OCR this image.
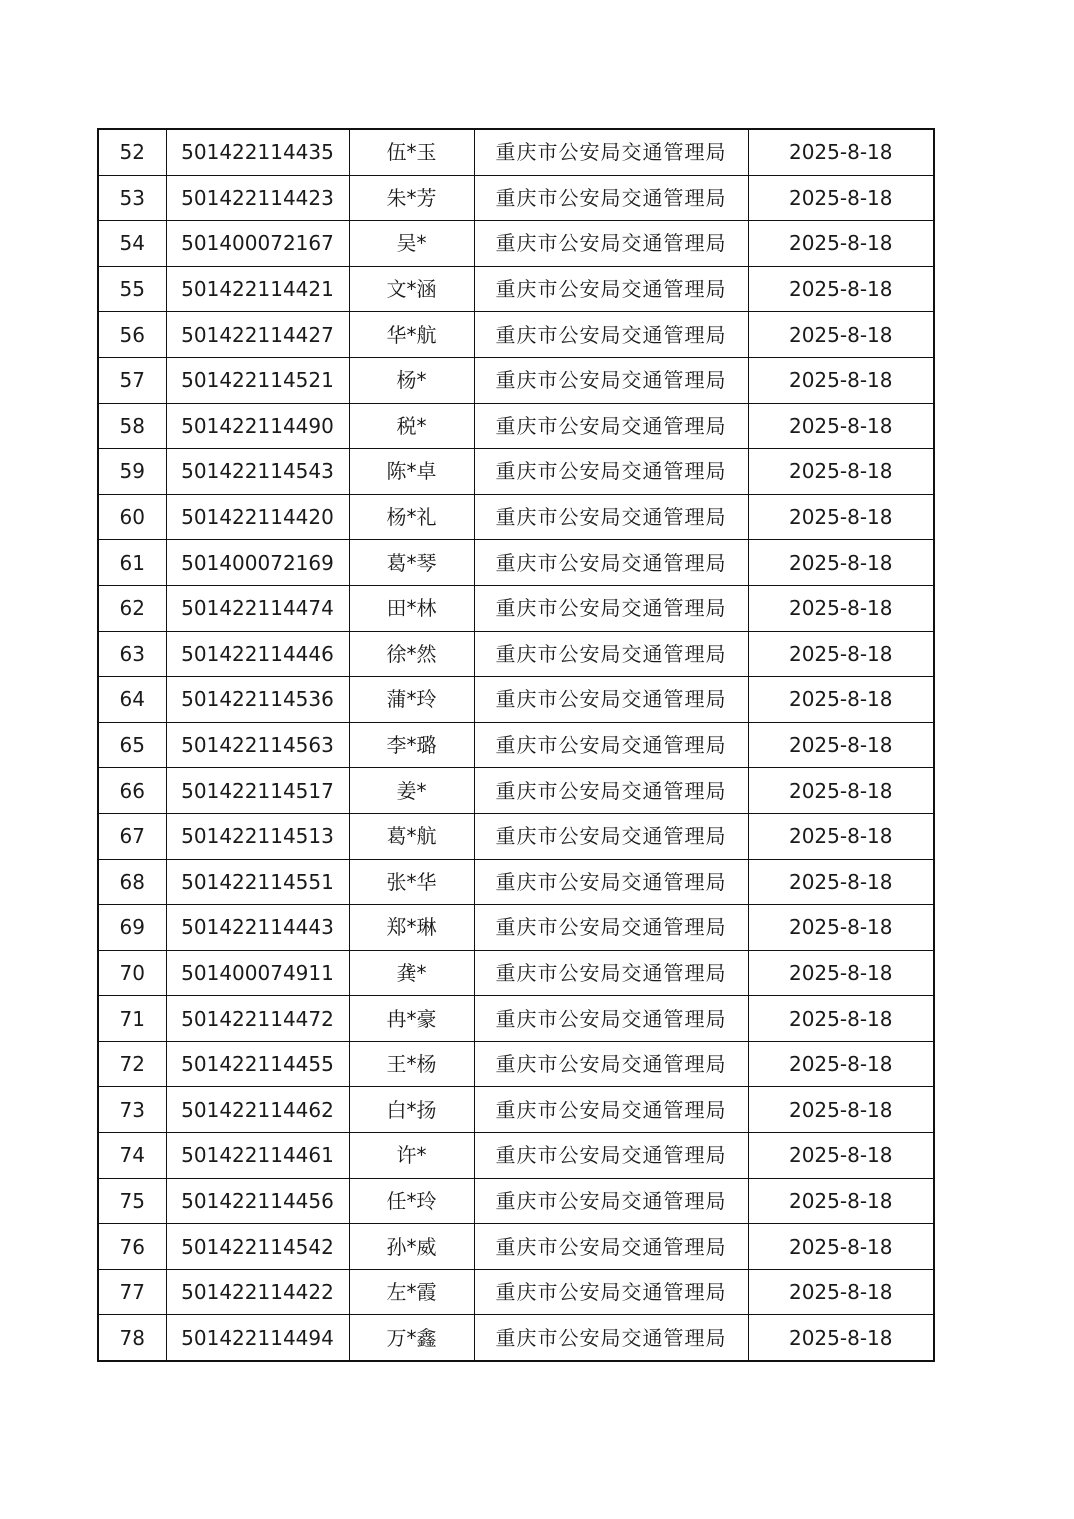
52	501422114435	伍*玉	重庆市公安局交通管理局	2025-8-18
53	501422114423	朱*芳	重庆市公安局交通管理局	2025-8-18
54	501400072167	吴*	重庆市公安局交通管理局	2025-8-18
55	501422114421	文*涵	重庆市公安局交通管理局	2025-8-18
56	501422114427	华*航	重庆市公安局交通管理局	2025-8-18
57	501422114521	杨*	重庆市公安局交通管理局	2025-8-18
58	501422114490	税*	重庆市公安局交通管理局	2025-8-18
59	501422114543	陈*卓	重庆市公安局交通管理局	2025-8-18
60	501422114420	杨*礼	重庆市公安局交通管理局	2025-8-18
61	501400072169	葛*琴	重庆市公安局交通管理局	2025-8-18
62	501422114474	田*林	重庆市公安局交通管理局	2025-8-18
63	501422114446	徐*然	重庆市公安局交通管理局	2025-8-18
64	501422114536	蒲*玲	重庆市公安局交通管理局	2025-8-18
65	501422114563	李*璐	重庆市公安局交通管理局	2025-8-18
66	501422114517	姜*	重庆市公安局交通管理局	2025-8-18
67	501422114513	葛*航	重庆市公安局交通管理局	2025-8-18
68	501422114551	张*华	重庆市公安局交通管理局	2025-8-18
69	501422114443	郑*琳	重庆市公安局交通管理局	2025-8-18
70	501400074911	龚*	重庆市公安局交通管理局	2025-8-18
71	501422114472	冉*豪	重庆市公安局交通管理局	2025-8-18
72	501422114455	王*杨	重庆市公安局交通管理局	2025-8-18
73	501422114462	白*扬	重庆市公安局交通管理局	2025-8-18
74	501422114461	许*	重庆市公安局交通管理局	2025-8-18
75	501422114456	任*玲	重庆市公安局交通管理局	2025-8-18
76	501422114542	孙*威	重庆市公安局交通管理局	2025-8-18
77	501422114422	左*霞	重庆市公安局交通管理局	2025-8-18
78	501422114494	万*鑫	重庆市公安局交通管理局	2025-8-18
